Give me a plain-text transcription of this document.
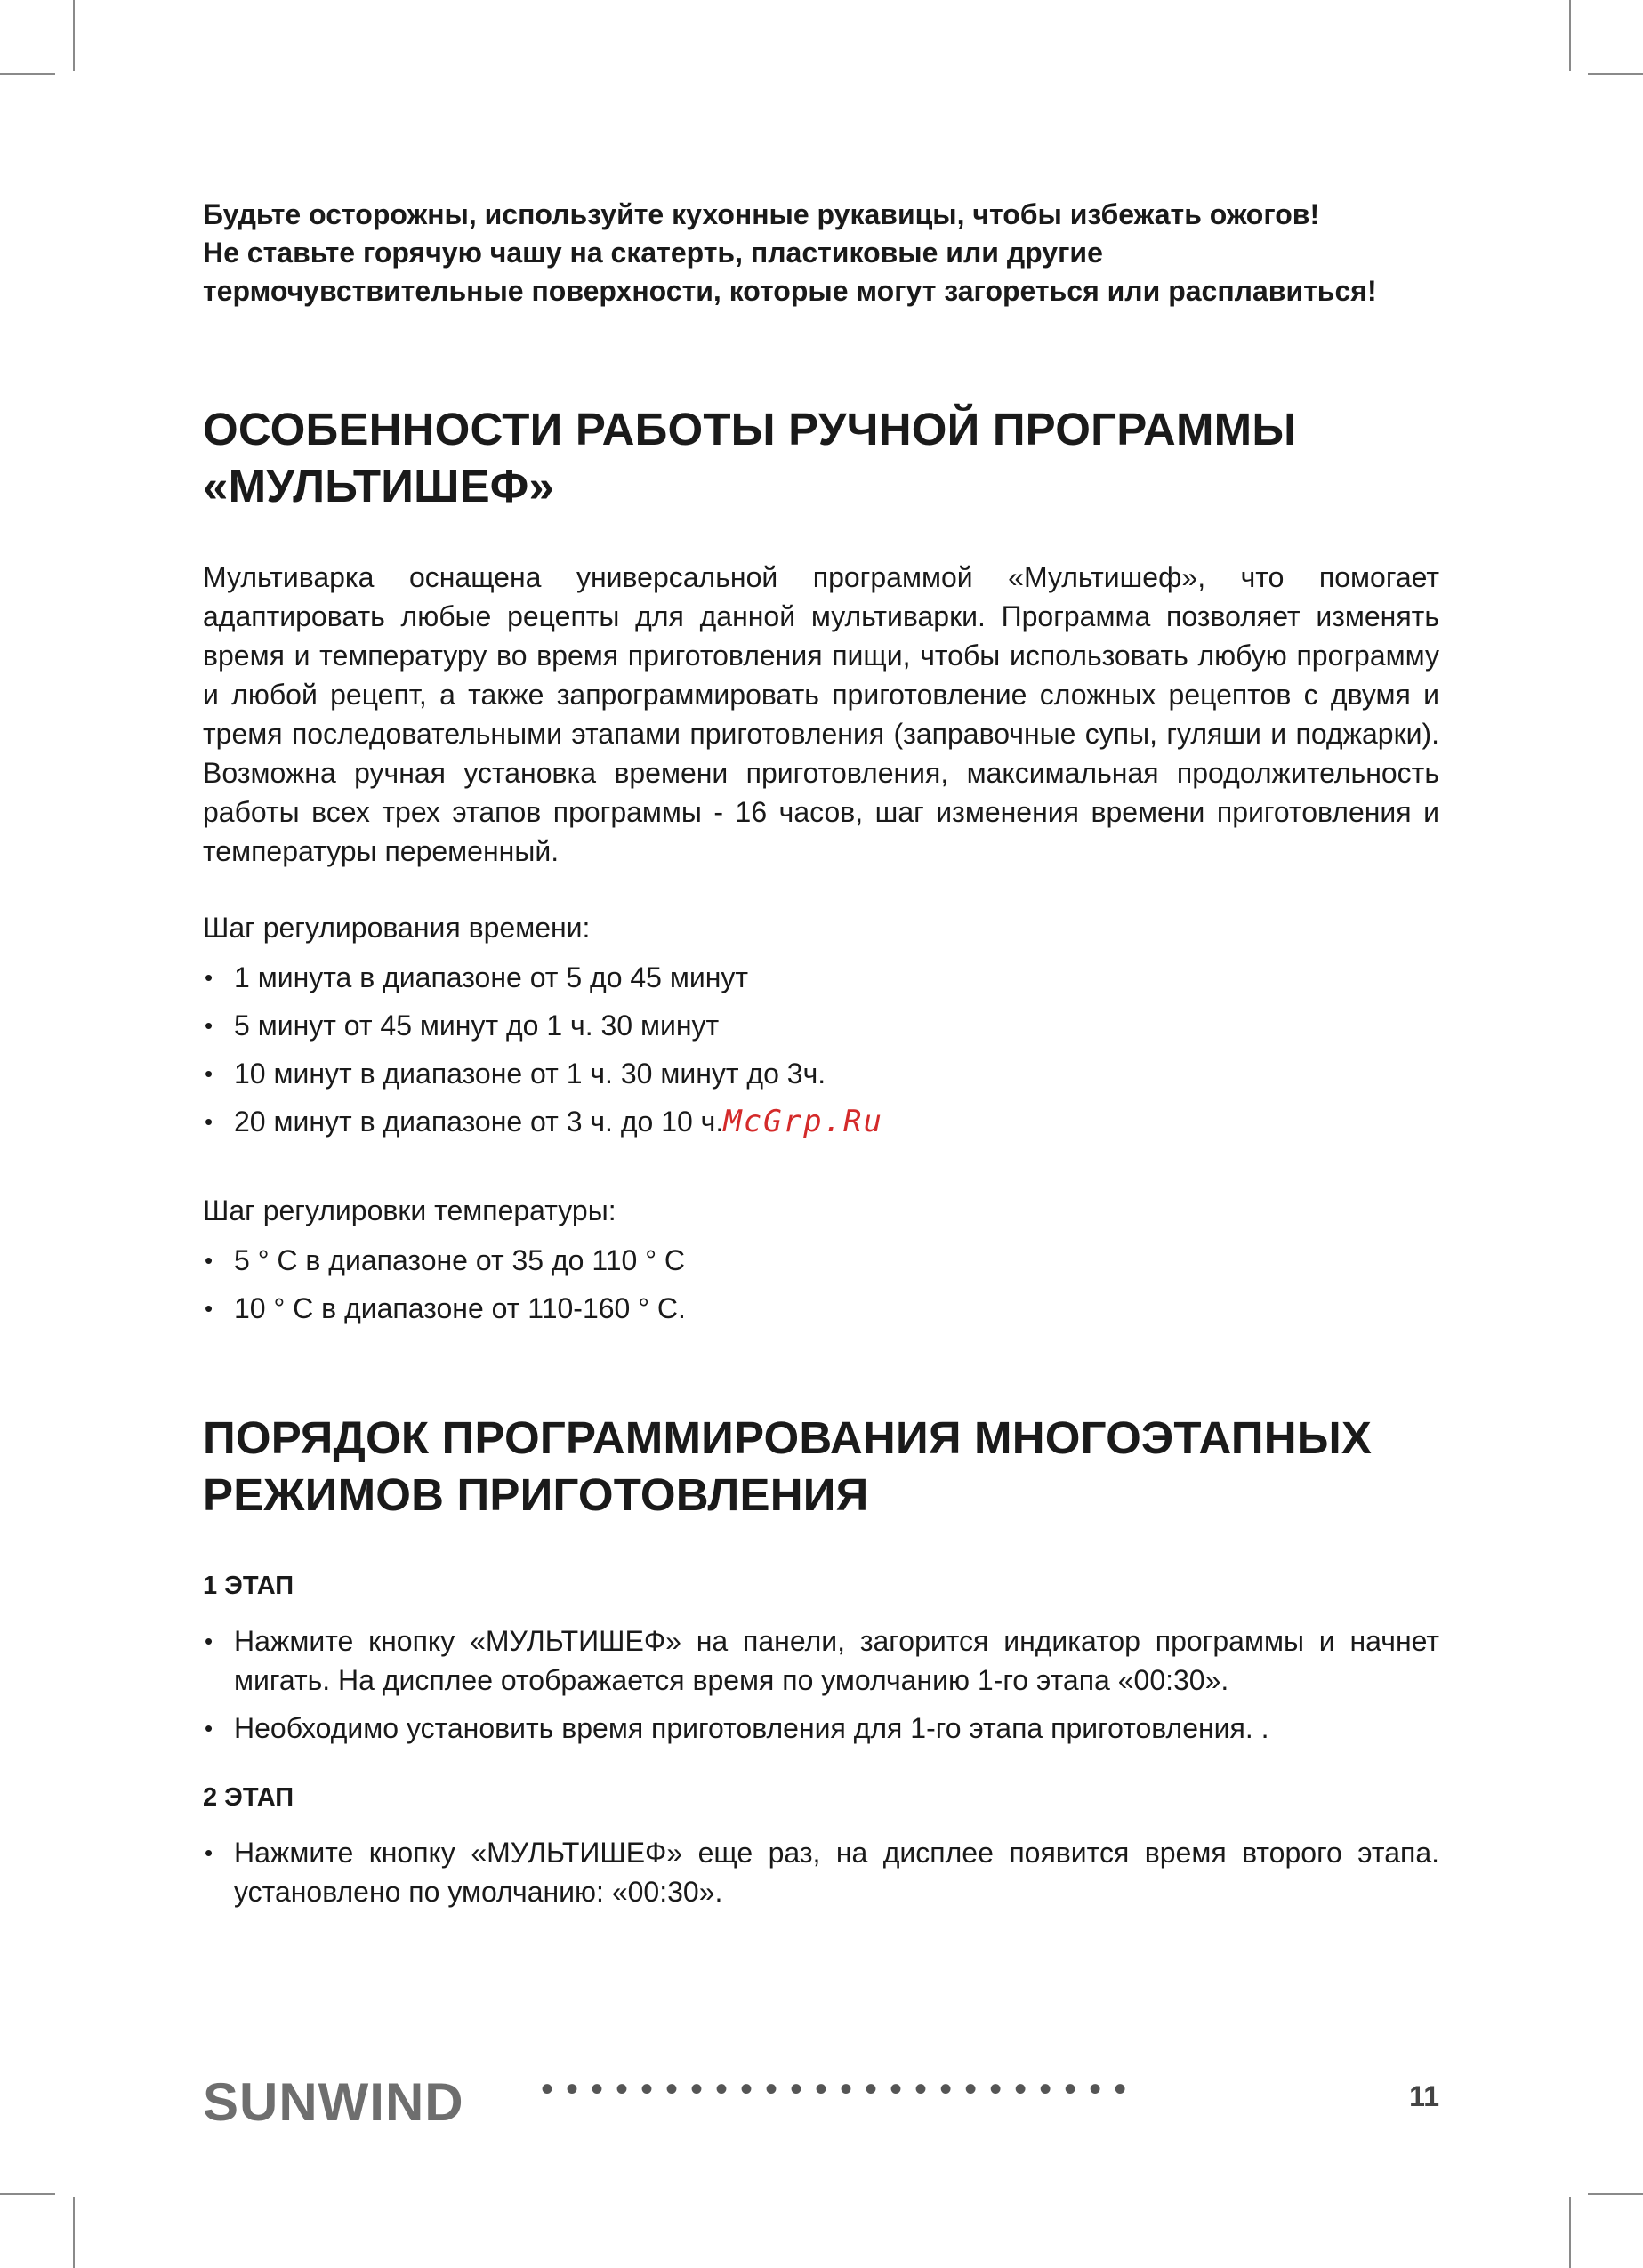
Будьте осторожны, используйте кухонные рукавицы, чтобы избежать ожогов!
Не ставьте горячую чашу на скатерть, пластиковые или другие
термочувствительные поверхности, которые могут загореться или расплавиться!
ОСОБЕННОСТИ РАБОТЫ РУЧНОЙ ПРОГРАММЫ
«МУЛЬТИШЕФ»

Мультиварка оснащена универсальной программой «Мультишеф», что помогает адаптировать любые рецепты для данной мультиварки. Программа позволяет изменять время и температуру во время приготовления пищи, чтобы использовать любую программу и любой рецепт, а также запрограммировать приготовление сложных рецептов с двумя и тремя последовательными этапами приготовления (заправочные супы, гуляши и поджарки). Возможна ручная установка времени приготовления, максимальная продолжительность работы всех трех этапов программы - 16 часов, шаг изменения времени приготовления и температуры переменный.

Шаг регулирования времени:
• 1 минута в диапазоне от 5 до 45 минут
• 5 минут от 45 минут до 1 ч. 30 минут
• 10 минут в диапазоне от 1 ч. 30 минут до 3ч.
• 20 минут в диапазоне от 3 ч. до 10 ч.McGrp.Ru
Шаг регулировки температуры:
• 5 ° С в диапазоне от 35 до 110 ° С
• 10 ° С в диапазоне от 110-160 ° С.
ПОРЯДОК ПРОГРАММИРОВАНИЯ МНОГОЭТАПНЫХ
РЕЖИМОВ ПРИГОТОВЛЕНИЯ
1 ЭТАП
• Нажмите кнопку «МУЛЬТИШЕФ» на панели, загорится индикатор программы и начнет мигать. На дисплее отображается время по умолчанию 1-го этапа «00:30».
• Необходимо установить время приготовления для 1-го этапа приготовления. .
2 ЭТАП
• Нажмите кнопку «МУЛЬТИШЕФ» еще раз, на дисплее появится время второго этапа. установлено по умолчанию: «00:30».
SUNWIND ••••••••••••••••••••••••	11
